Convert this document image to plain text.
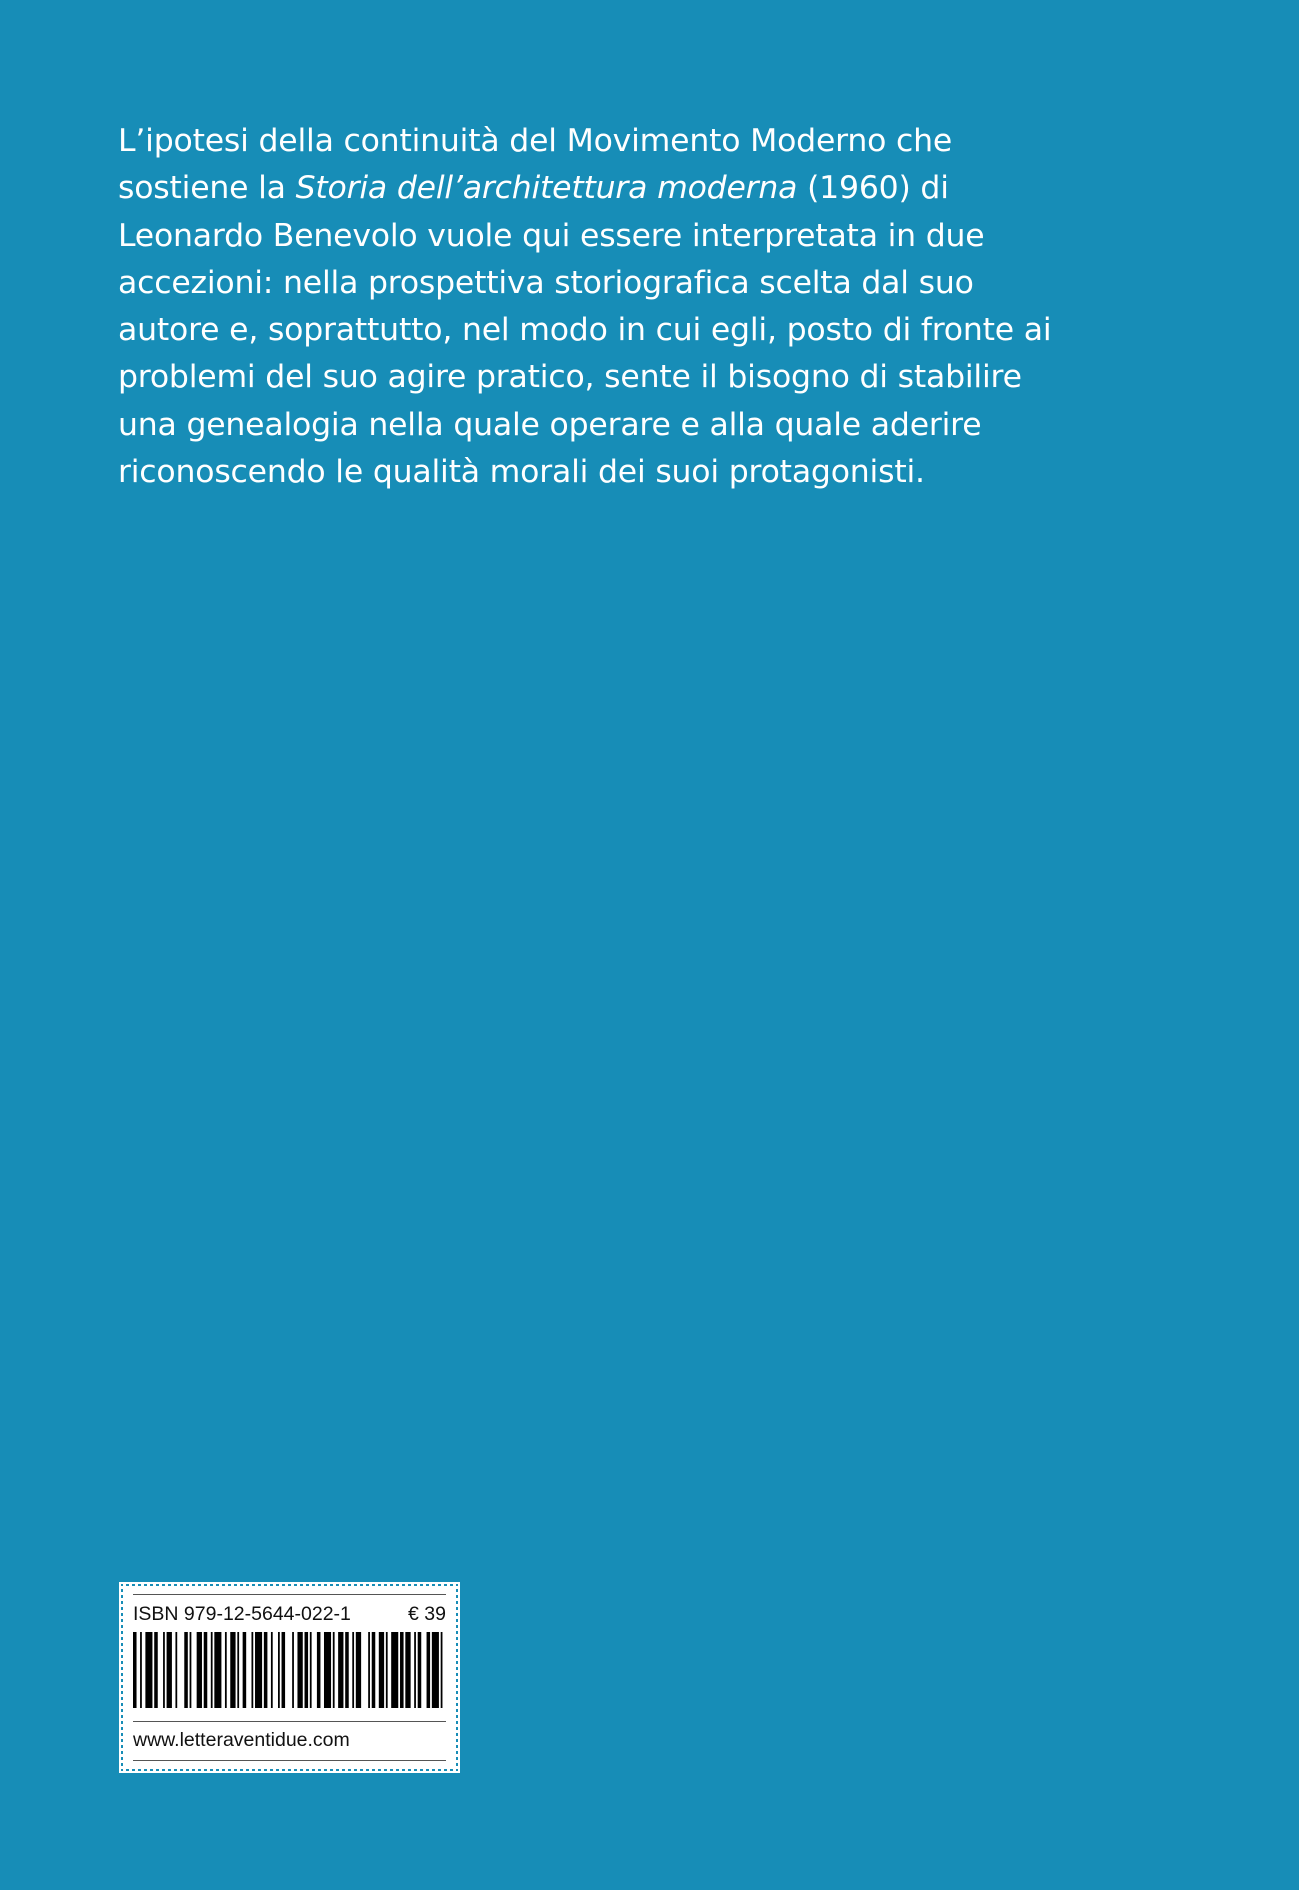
L’ipotesi della continuità del Movimento Moderno che
sostiene la Storia dell’architettura moderna (1960) di
Leonardo Benevolo vuole qui essere interpretata in due
accezioni: nella prospettiva storiografica scelta dal suo
autore e, soprattutto, nel modo in cui egli, posto di fronte ai
problemi del suo agire pratico, sente il bisogno di stabilire
una genealogia nella quale operare e alla quale aderire
riconoscendo le qualità morali dei suoi protagonisti.
ISBN 979-12-5644-022-1	€ 39
www.letteraventidue.com
